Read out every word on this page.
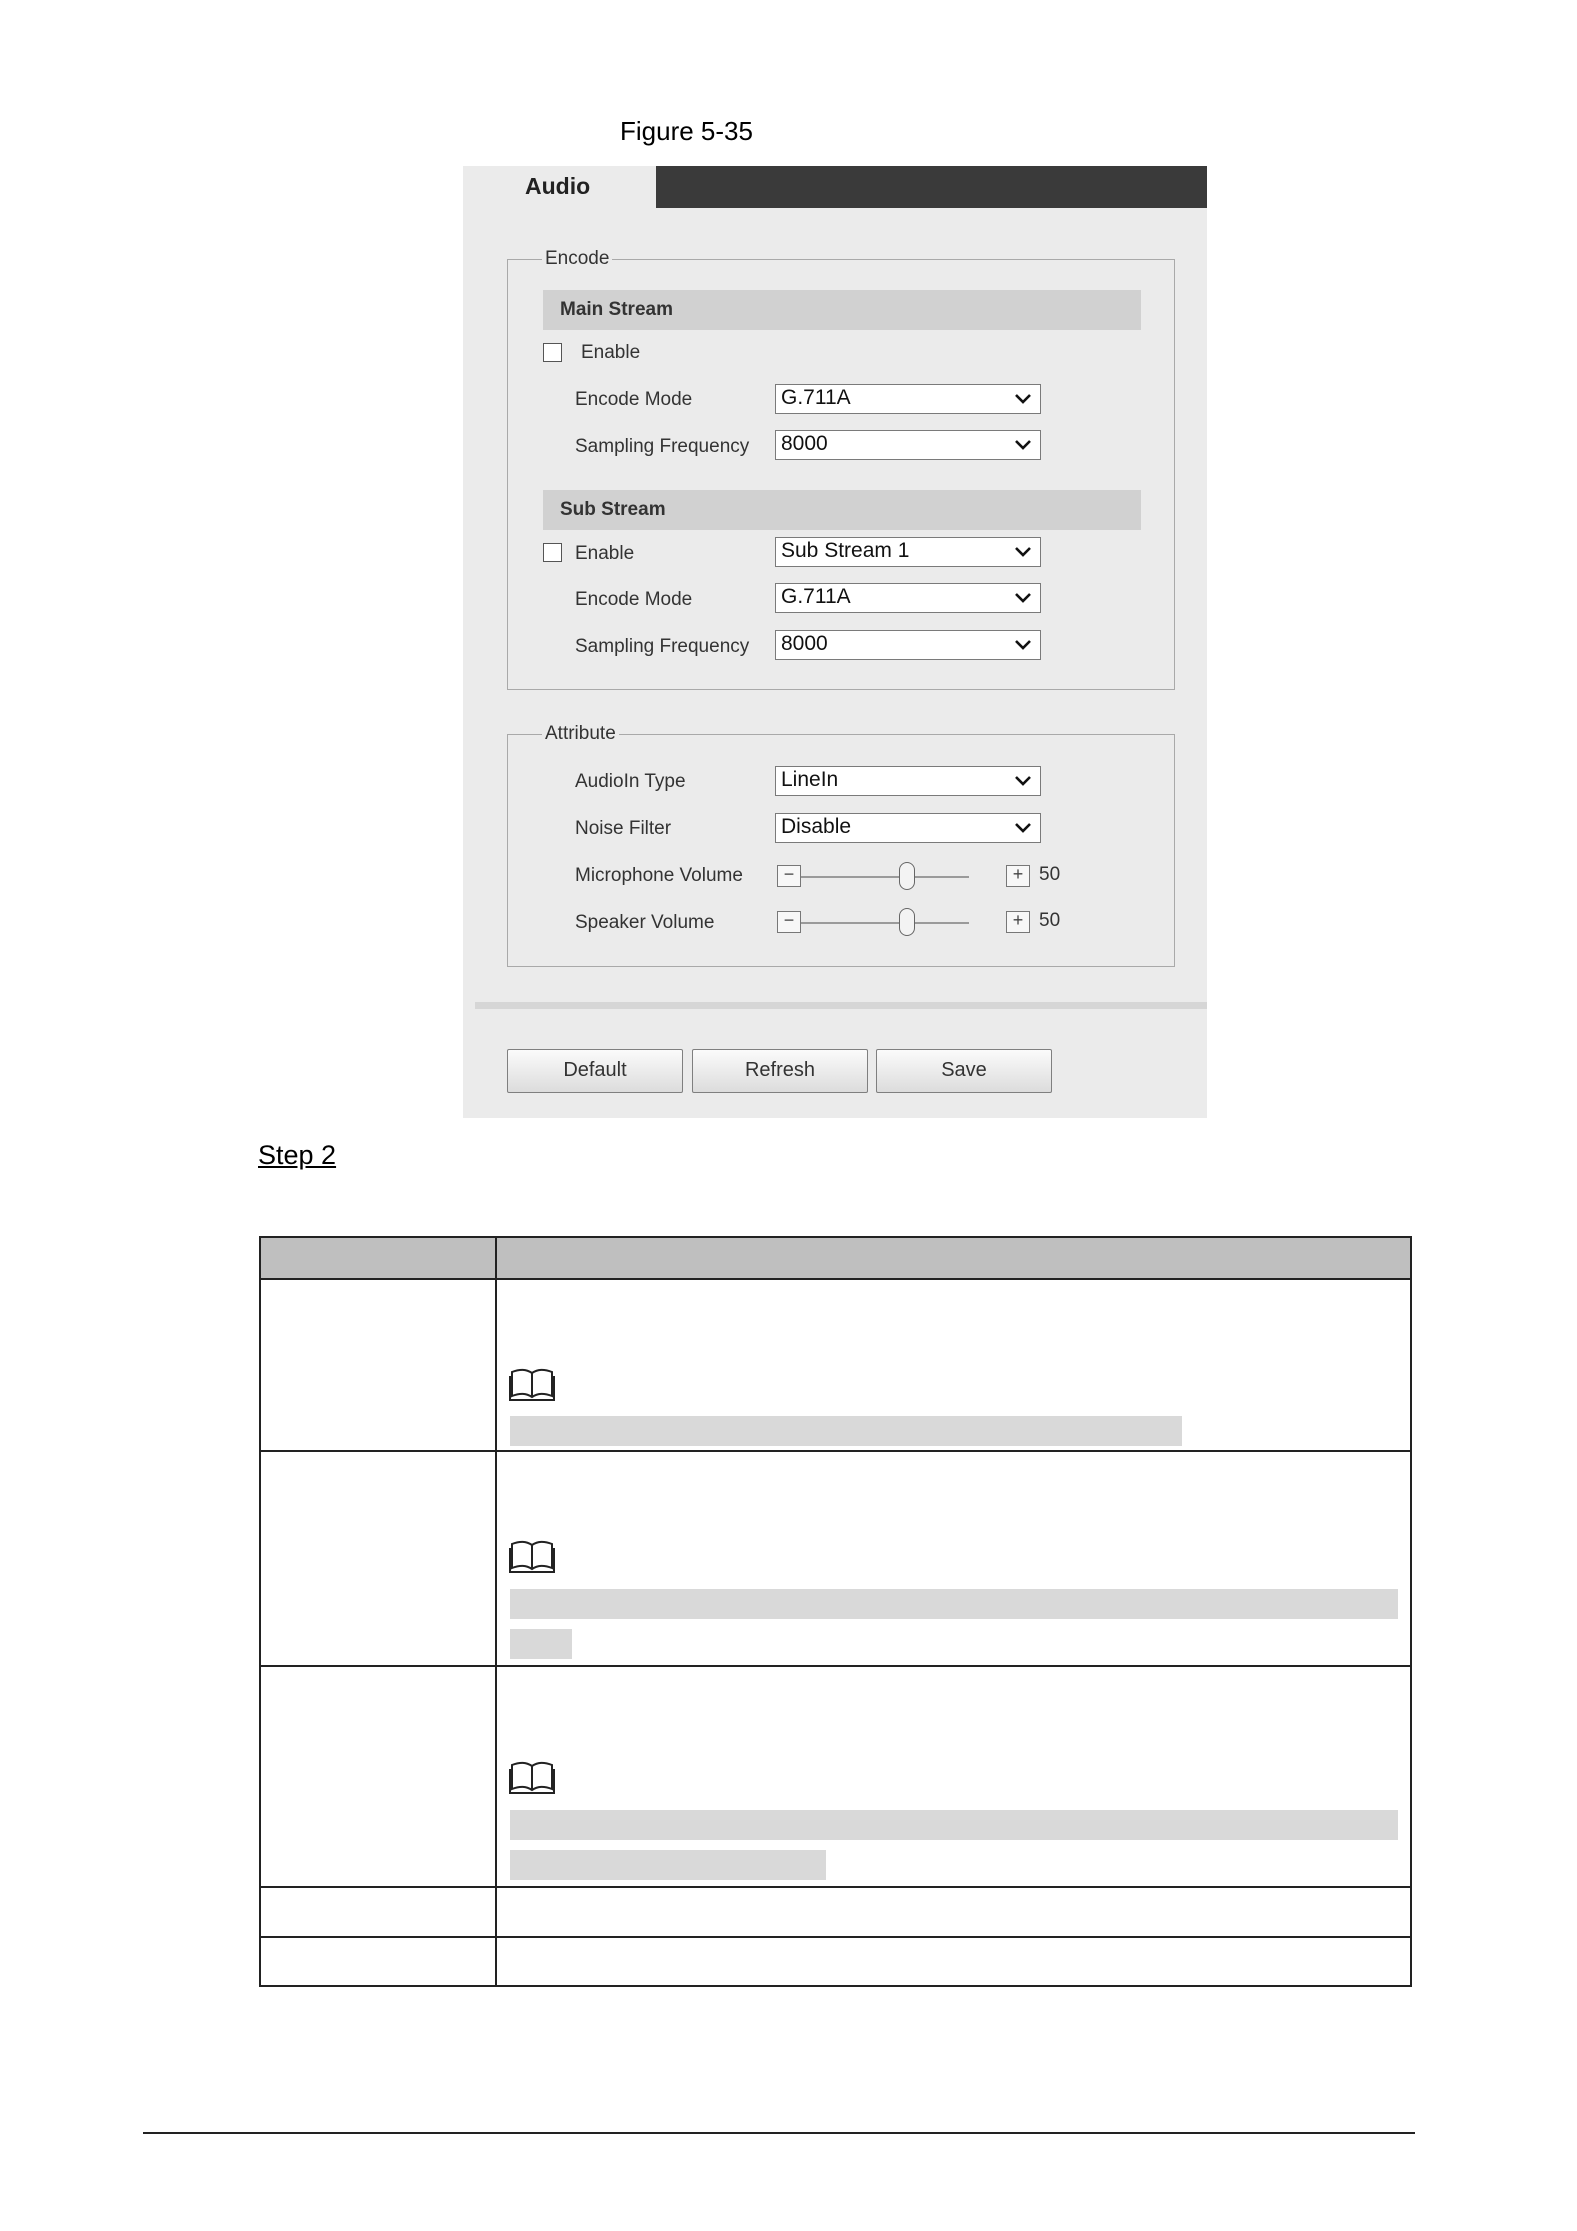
Figure 5-35
Audio
Encode
Main Stream
Enable
Encode Mode	G.711A
Sampling Frequency 8000
Sub Stream
Enable	Sub Stream 1
Encode Mode	G.711A
Sampling Frequency 8000
Attribute
AudioIn Type	LineIn
Noise Filter	Disable
Microphone Volume	−	+ 50
Speaker Volume	−	+ 50
Default	Refresh	Save
Step 2
